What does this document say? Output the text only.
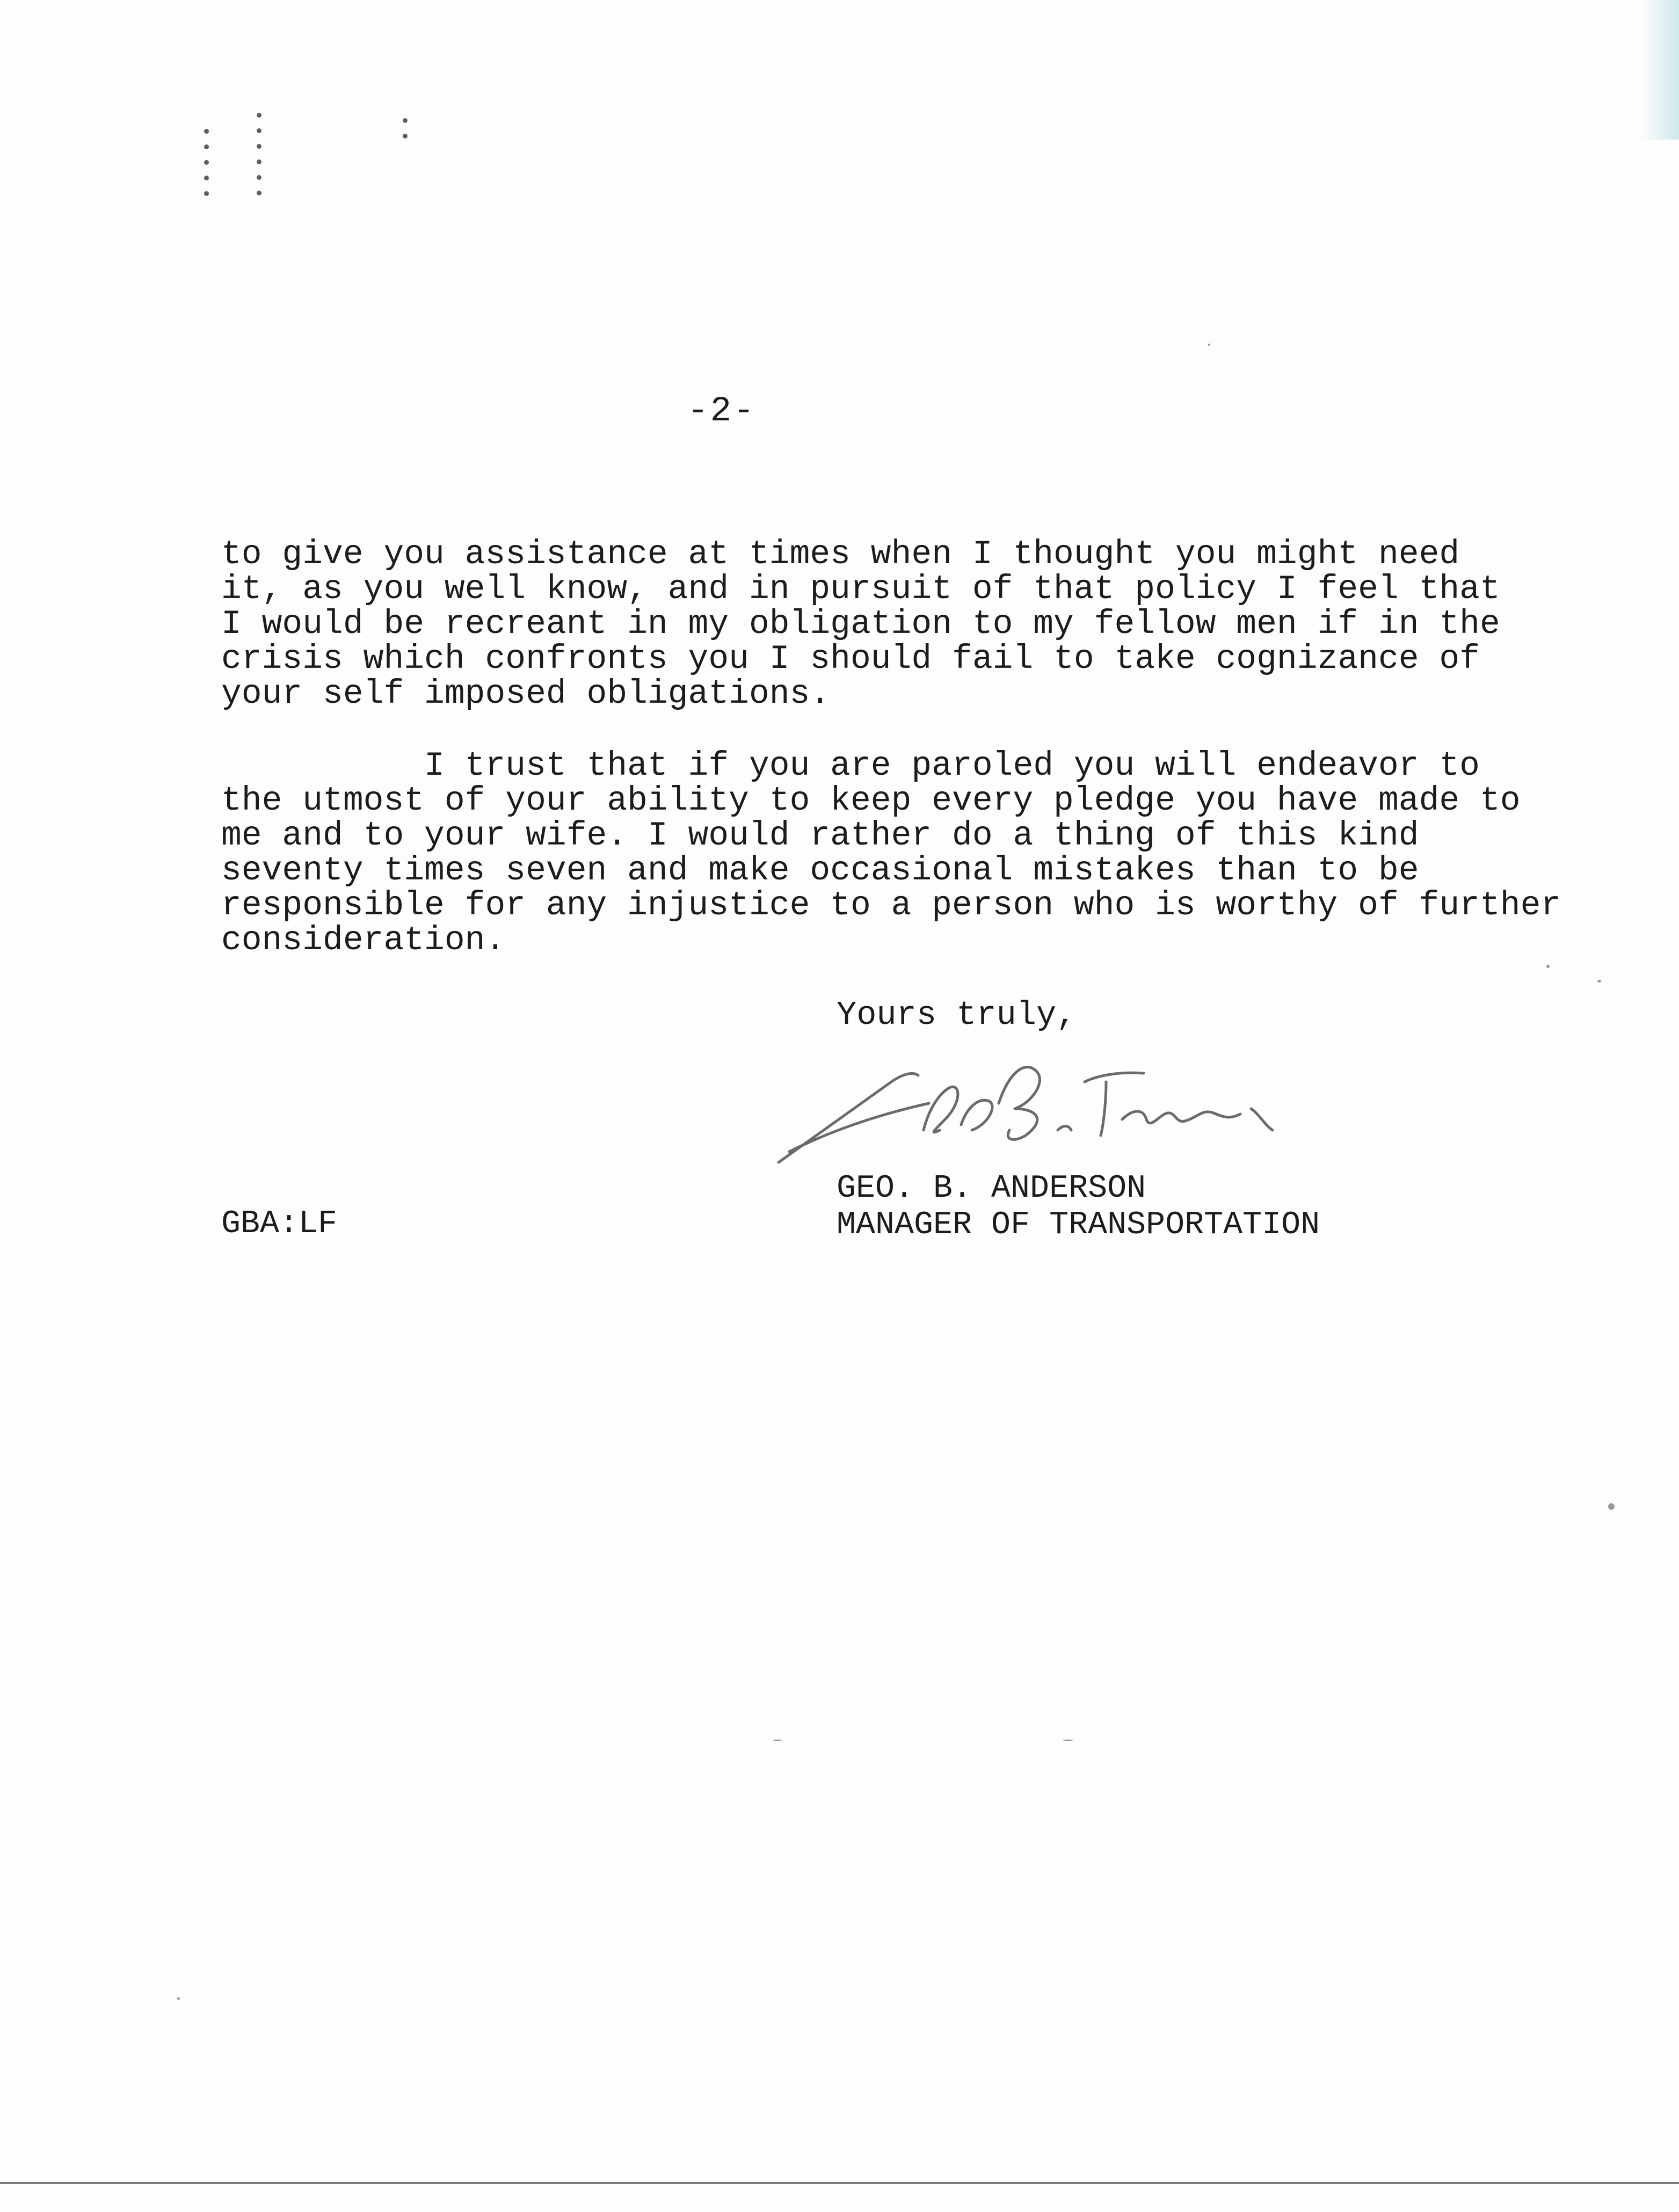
-2-

to give you assistance at times when I thought you might need
it, as you well know, and in pursuit of that policy I feel that
I would be recreant in my obligation to my fellow men if in the
crisis which confronts you I should fail to take cognizance of
your self imposed obligations.

I trust that if you are paroled you will endeavor to
the utmost of your ability to keep every pledge you have made to
me and to your wife. I would rather do a thing of this kind
seventy times seven and make occasional mistakes than to be
responsible for any injustice to a person who is worthy of further
consideration.

Yours truly,
GEO. B. ANDERSON
MANAGER OF TRANSPORTATION
GBA:LF
